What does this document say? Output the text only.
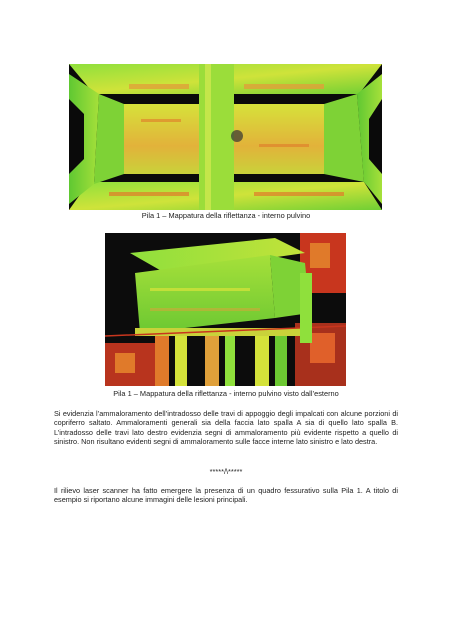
Pila 1 – Mappatura della riflettanza - interno pulvino
Pila 1 – Mappatura della riflettanza - interno pulvino visto dall’esterno

Si evidenzia l’ammaloramento dell’intradosso delle travi di appoggio degli impalcati con alcune porzioni di copriferro saltato. Ammaloramenti generali sia della faccia lato spalla A sia di quello lato spalla B. L’intradosso delle travi lato destro evidenzia segni di ammaloramento più evidente rispetto a quello di sinistro. Non risultano evidenti segni di ammaloramento sulle facce interne lato sinistro e lato destra.

*****/\*****

Il rilievo laser scanner ha fatto emergere la presenza di un quadro fessurativo sulla Pila 1. A titolo di esempio si riportano alcune immagini delle lesioni principali.
